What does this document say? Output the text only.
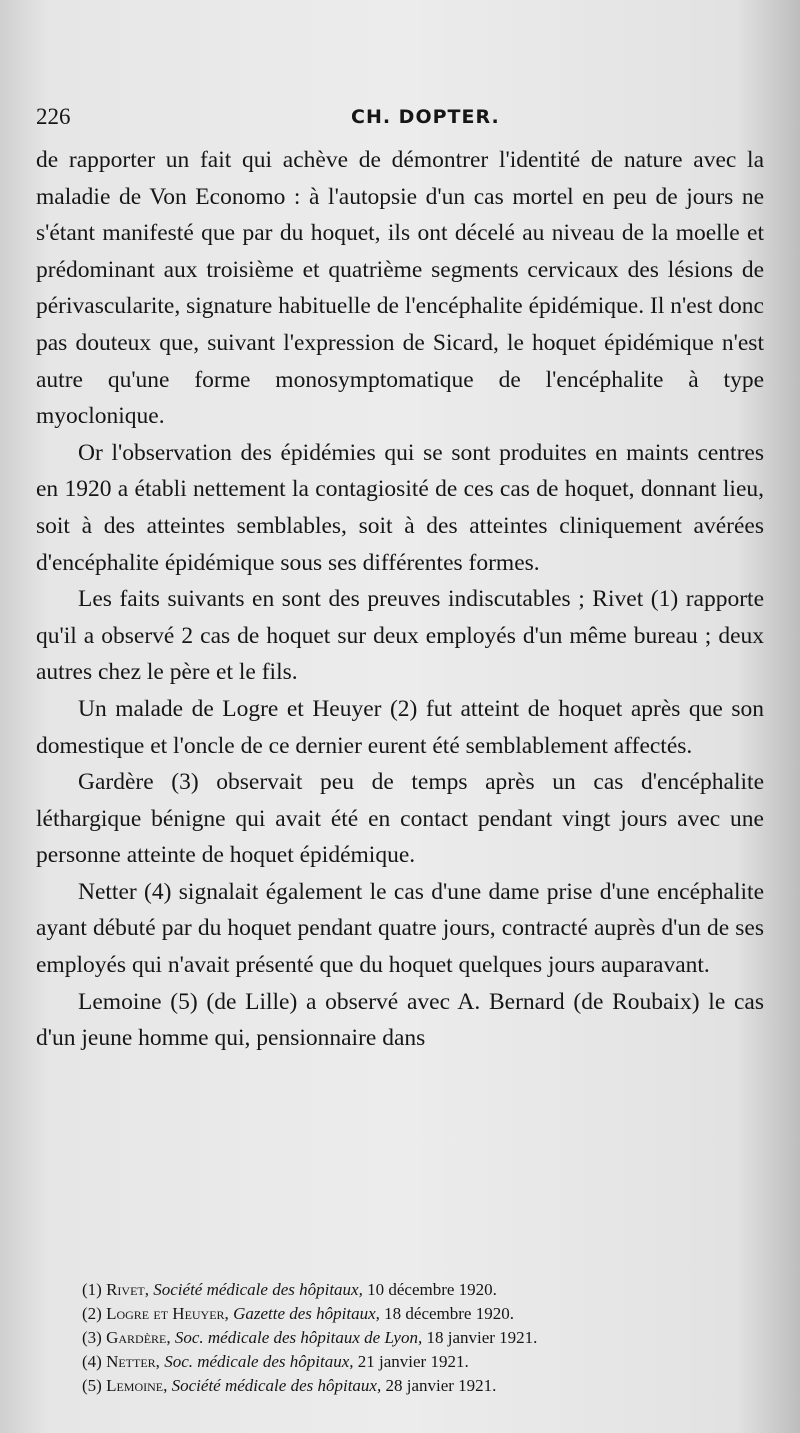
226	CH. DOPTER.

de rapporter un fait qui achève de démontrer l'identité de nature avec la maladie de Von Economo : à l'autopsie d'un cas mortel en peu de jours ne s'étant manifesté que par du hoquet, ils ont décelé au niveau de la moelle et prédominant aux troisième et quatrième segments cervicaux des lésions de périvascularite, signature habituelle de l'encéphalite épidémique. Il n'est donc pas douteux que, suivant l'expression de Sicard, le hoquet épidémique n'est autre qu'une forme monosymptomatique de l'encéphalite à type myoclonique.

Or l'observation des épidémies qui se sont produites en maints centres en 1920 a établi nettement la contagiosité de ces cas de hoquet, donnant lieu, soit à des atteintes semblables, soit à des atteintes cliniquement avérées d'encéphalite épidémique sous ses différentes formes.

Les faits suivants en sont des preuves indiscutables ; Rivet (1) rapporte qu'il a observé 2 cas de hoquet sur deux employés d'un même bureau ; deux autres chez le père et le fils.

Un malade de Logre et Heuyer (2) fut atteint de hoquet après que son domestique et l'oncle de ce dernier eurent été semblablement affectés.

Gardère (3) observait peu de temps après un cas d'encéphalite léthargique bénigne qui avait été en contact pendant vingt jours avec une personne atteinte de hoquet épidémique.

Netter (4) signalait également le cas d'une dame prise d'une encéphalite ayant débuté par du hoquet pendant quatre jours, contracté auprès d'un de ses employés qui n'avait présenté que du hoquet quelques jours auparavant.

Lemoine (5) (de Lille) a observé avec A. Bernard (de Roubaix) le cas d'un jeune homme qui, pensionnaire dans

(1) Rivet, Société médicale des hôpitaux, 10 décembre 1920.
(2) Logre et Heuyer, Gazette des hôpitaux, 18 décembre 1920.
(3) Gardère, Soc. médicale des hôpitaux de Lyon, 18 janvier 1921.
(4) Netter, Soc. médicale des hôpitaux, 21 janvier 1921.
(5) Lemoine, Société médicale des hôpitaux, 28 janvier 1921.
